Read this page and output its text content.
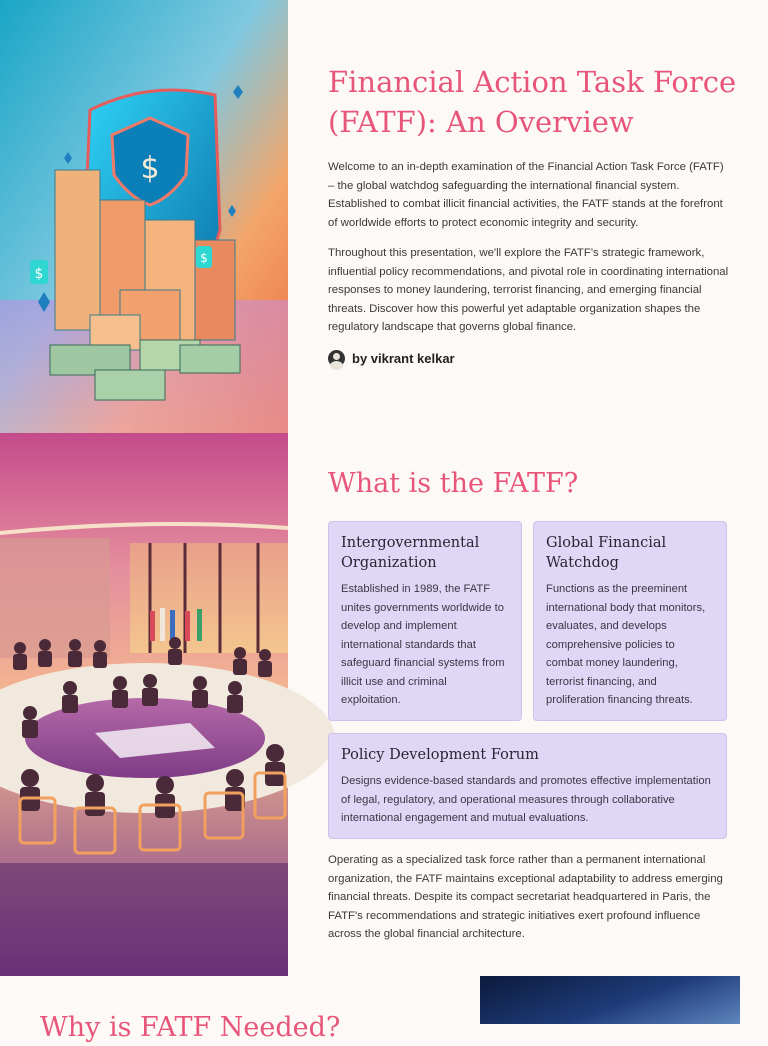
$
$
$
Financial Action Task Force (FATF): An Overview

Welcome to an in-depth examination of the Financial Action Task Force (FATF) – the global watchdog safeguarding the international financial system. Established to combat illicit financial activities, the FATF stands at the forefront of worldwide efforts to protect economic integrity and security.

Throughout this presentation, we'll explore the FATF's strategic framework, influential policy recommendations, and pivotal role in coordinating international responses to money laundering, terrorist financing, and emerging financial threats. Discover how this powerful yet adaptable organization shapes the regulatory landscape that governs global finance.

by vikrant kelkar
What is the FATF?
Intergovernmental Organization

Established in 1989, the FATF unites governments worldwide to develop and implement international standards that safeguard financial systems from illicit use and criminal exploitation.

Global Financial Watchdog

Functions as the preeminent international body that monitors, evaluates, and develops comprehensive policies to combat money laundering, terrorist financing, and proliferation financing threats.

Policy Development Forum

Designs evidence-based standards and promotes effective implementation of legal, regulatory, and operational measures through collaborative international engagement and mutual evaluations.

Operating as a specialized task force rather than a permanent international organization, the FATF maintains exceptional adaptability to address emerging financial threats. Despite its compact secretariat headquartered in Paris, the FATF's recommendations and strategic initiatives exert profound influence across the global financial architecture.

Why is FATF Needed?
